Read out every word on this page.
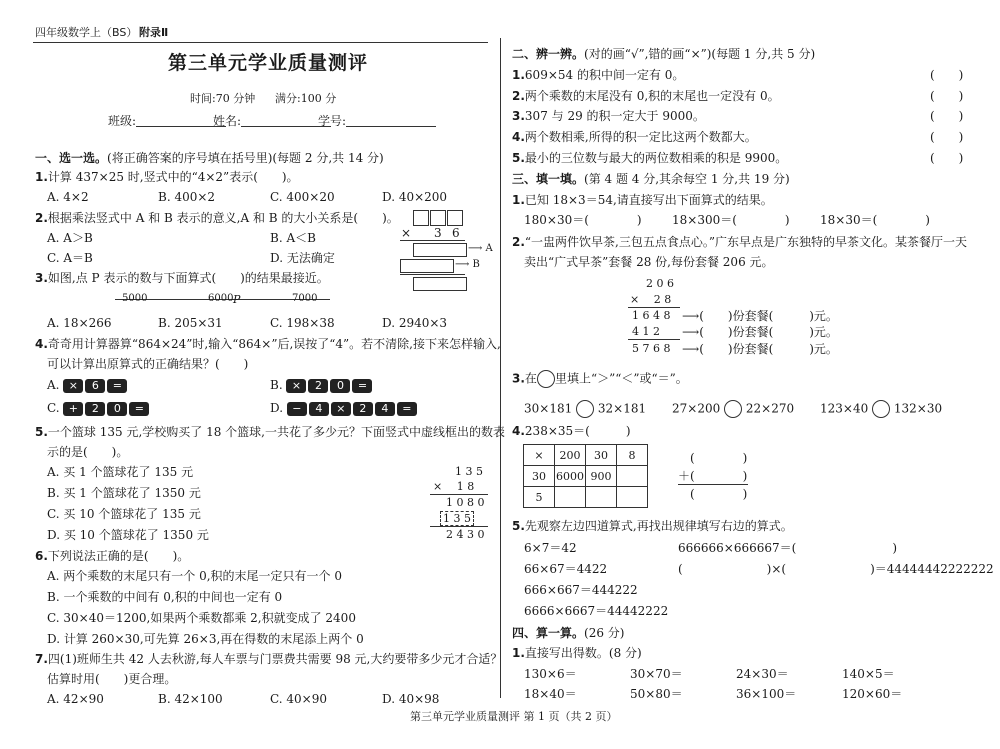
四年级数学上（BS） 附录Ⅱ
第三单元学业质量测评
时间:70 分钟 满分:100 分
班级:	姓名:	学号:
一、选一选。(将正确答案的序号填在括号里)(每题 2 分,共 14 分)
1.计算 437×25 时,竖式中的“4×2”表示(　　)。
A. 4×2	B. 400×2	C. 400×20	D. 40×200
2.根据乘法竖式中 A 和 B 表示的意义,A 和 B 的大小关系是(　　)。
A. A＞B	B. A＜B
C. A＝B	D. 无法确定
× 3 6
⟶ A
⟶ B
3.如图,点 P 表示的数与下面算式(　　)的结果最接近。
5000	6000 P	7000
A. 18×266	B. 205×31	C. 198×38	D. 2940×3
4.奇奇用计算器算“864×24”时,输入“864×”后,误按了“4”。若不清除,接下来怎样输入,
可以计算出原算式的正确结果？(　　)
A. × 6 =	B. × 2 0 =
C. + 2 0 =	D. − 4 × 2 4 =
5.一个篮球 135 元,学校购买了 18 个篮球,一共花了多少元？下面竖式中虚线框出的数表
示的是(　　)。
A. 买 1 个篮球花了 135 元
B. 买 1 个篮球花了 1350 元
C. 买 10 个篮球花了 135 元
D. 买 10 个篮球花了 1350 元
1 3 5
×　 1 8
1 0 8 0
1 3 5
2 4 3 0
6.下列说法正确的是(　　)。
A. 两个乘数的末尾只有一个 0,积的末尾一定只有一个 0
B. 一个乘数的中间有 0,积的中间也一定有 0
C. 30×40＝1200,如果两个乘数都乘 2,积就变成了 2400
D. 计算 260×30,可先算 26×3,再在得数的末尾添上两个 0
7.四(1)班师生共 42 人去秋游,每人车票与门票费共需要 98 元,大约要带多少元才合适？
估算时用(　　)更合理。
A. 42×90	B. 42×100	C. 40×90	D. 40×98
二、辨一辨。(对的画“√”,错的画“×”)(每题 1 分,共 5 分)
1.609×54 的积中间一定有 0。	(　　)
2.两个乘数的末尾没有 0,积的末尾也一定没有 0。	(　　)
3.307 与 29 的积一定大于 9000。	(　　)
4.两个数相乘,所得的积一定比这两个数都大。	(　　)
5.最小的三位数与最大的两位数相乘的积是 9900。	(　　)
三、填一填。(第 4 题 4 分,其余每空 1 分,共 19 分)
1.已知 18×3＝54,请直接写出下面算式的结果。
180×30＝(　　　　)	18×300＝(　　　　)	18×30＝(　　　　)
2.“一盅两件饮早茶,三包五点食点心。”广东早点是广东独特的早茶文化。某茶餐厅一天
卖出“广式早茶”套餐 28 份,每份套餐 206 元。
2 0 6
×　 2 8
1 6 4 8
4 1 2
5 7 6 8
⟶(　　)份套餐(　　　)元。
⟶(　　)份套餐(　　　)元。
⟶(　　)份套餐(　　　)元。
3.在 里填上“＞”“＜”或“＝”。
30×181 32×181 27×200 22×270 123×40 132×30
4.238×35＝(　　　)
×	200	30	8
30	6000	900	
5			
(　　　　)
＋(　　　　)
(　　　　)
5.先观察左边四道算式,再找出规律填写右边的算式。
6×7＝42
66×67＝4422
666×667＝444222
6666×6667＝44442222
666666×666667＝(　　　　　　　　)
(　　　　　　　)×(　　　　　　　)＝44444442222222
四、算一算。(26 分)
1.直接写出得数。(8 分)
130×6＝	30×70＝	24×30＝	140×5＝
18×40＝	50×80＝	36×100＝	120×60＝
第三单元学业质量测评 第 1 页（共 2 页）
